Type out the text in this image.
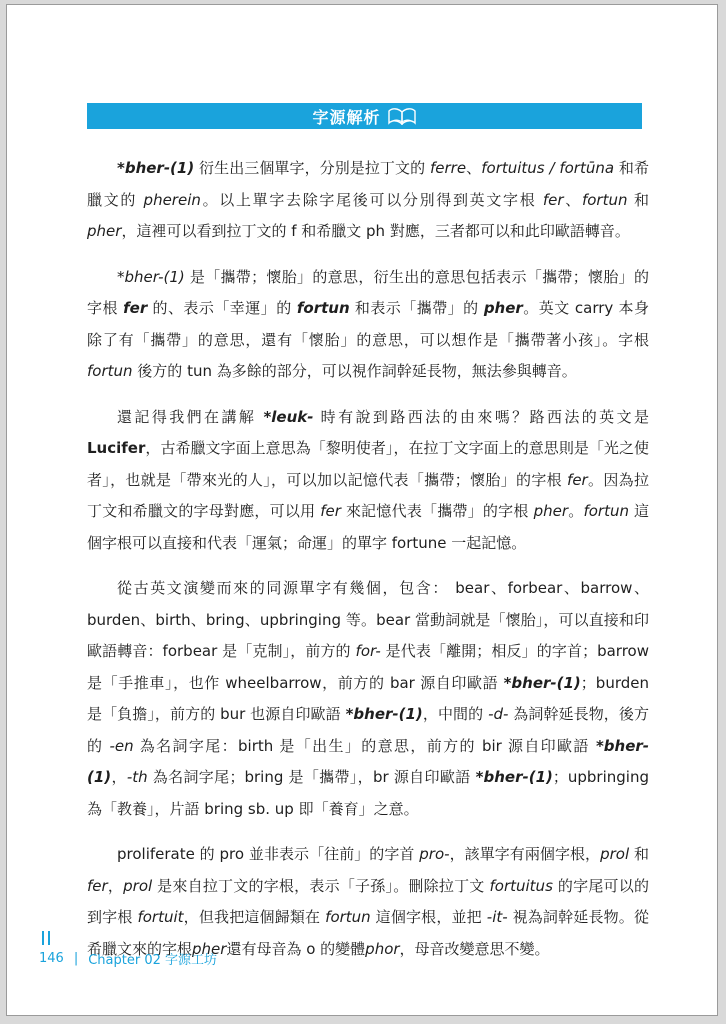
字源解析

*bher-(1) 衍生出三個單字，分別是拉丁文的 ferre、fortuitus / fortūna 和希臘文的 pherein。以上單字去除字尾後可以分別得到英文字根 fer、fortun 和 pher，這裡可以看到拉丁文的 f 和希臘文 ph 對應，三者都可以和此印歐語轉音。

*bher-(1) 是「攜帶；懷胎」的意思，衍生出的意思包括表示「攜帶；懷胎」的字根 fer 的、表示「幸運」的 fortun 和表示「攜帶」的 pher。英文 carry 本身除了有「攜帶」的意思，還有「懷胎」的意思，可以想作是「攜帶著小孩」。字根 fortun 後方的 tun 為多餘的部分，可以視作詞幹延長物，無法參與轉音。

還記得我們在講解 *leuk- 時有說到路西法的由來嗎？路西法的英文是 Lucifer，古希臘文字面上意思為「黎明使者」，在拉丁文字面上的意思則是「光之使者」，也就是「帶來光的人」，可以加以記憶代表「攜帶；懷胎」的字根 fer。因為拉丁文和希臘文的字母對應，可以用 fer 來記憶代表「攜帶」的字根 pher。fortun 這個字根可以直接和代表「運氣；命運」的單字 fortune 一起記憶。

從古英文演變而來的同源單字有幾個，包含： bear、forbear、barrow、burden、birth、bring、upbringing 等。bear 當動詞就是「懷胎」，可以直接和印歐語轉音：forbear 是「克制」，前方的 for- 是代表「離開；相反」的字首；barrow 是「手推車」，也作 wheelbarrow，前方的 bar 源自印歐語 *bher-(1)；burden 是「負擔」，前方的 bur 也源自印歐語 *bher-(1)，中間的 -d- 為詞幹延長物，後方的 -en 為名詞字尾：birth 是「出生」的意思，前方的 bir 源自印歐語 *bher-(1)，-th 為名詞字尾；bring 是「攜帶」，br 源自印歐語 *bher-(1)；upbringing 為「教養」，片語 bring sb. up 即「養育」之意。

proliferate 的 pro 並非表示「往前」的字首 pro-，該單字有兩個字根，prol 和 fer，prol 是來自拉丁文的字根，表示「子孫」。刪除拉丁文 fortuitus 的字尾可以的到字根 fortuit，但我把這個歸類在 fortun 這個字根，並把 -it- 視為詞幹延長物。從希臘文來的字根pher還有母音為 o 的變體phor，母音改變意思不變。

146 | Chapter 02 字源工坊
